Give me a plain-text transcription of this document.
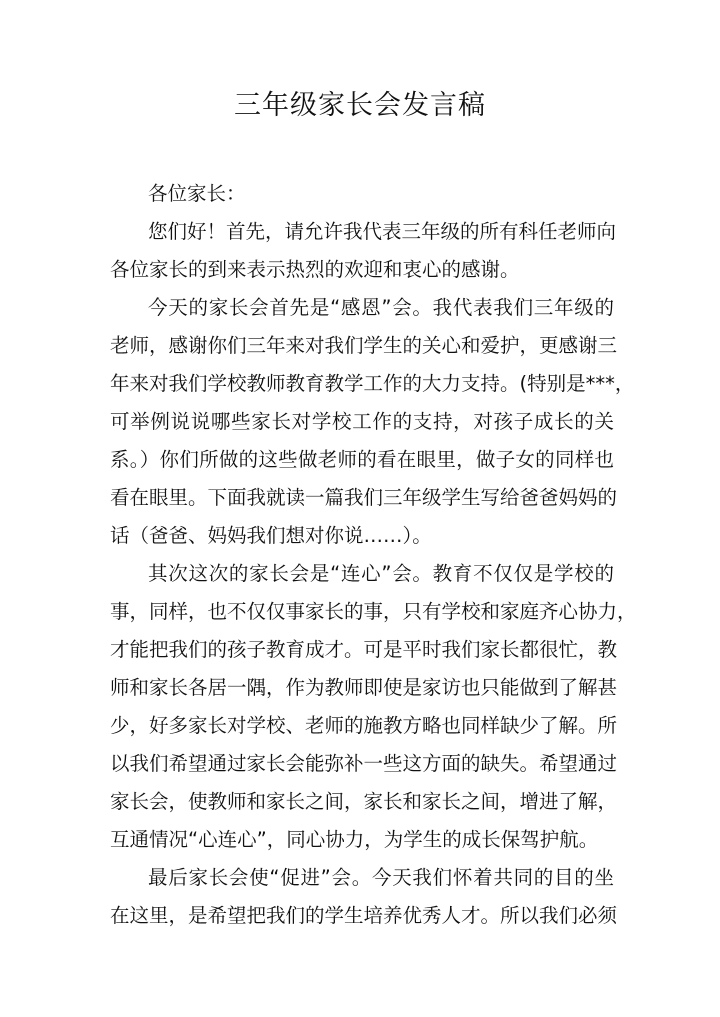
三年级家长会发言稿
各位家长：
您们好！首先，请允许我代表三年级的所有科任老师向
各位家长的到来表示热烈的欢迎和衷心的感谢。
今天的家长会首先是“感恩”会。我代表我们三年级的
老师，感谢你们三年来对我们学生的关心和爱护，更感谢三
年来对我们学校教师教育教学工作的大力支持。(特别是***，
可举例说说哪些家长对学校工作的支持，对孩子成长的关
系。）你们所做的这些做老师的看在眼里，做子女的同样也
看在眼里。下面我就读一篇我们三年级学生写给爸爸妈妈的
话（爸爸、妈妈我们想对你说……）。
其次这次的家长会是“连心”会。教育不仅仅是学校的
事，同样，也不仅仅事家长的事，只有学校和家庭齐心协力，
才能把我们的孩子教育成才。可是平时我们家长都很忙，教
师和家长各居一隅，作为教师即使是家访也只能做到了解甚
少，好多家长对学校、老师的施教方略也同样缺少了解。所
以我们希望通过家长会能弥补一些这方面的缺失。希望通过
家长会，使教师和家长之间，家长和家长之间，增进了解，
互通情况“心连心”，同心协力，为学生的成长保驾护航。
最后家长会使“促进”会。今天我们怀着共同的目的坐
在这里，是希望把我们的学生培养优秀人才。所以我们必须
